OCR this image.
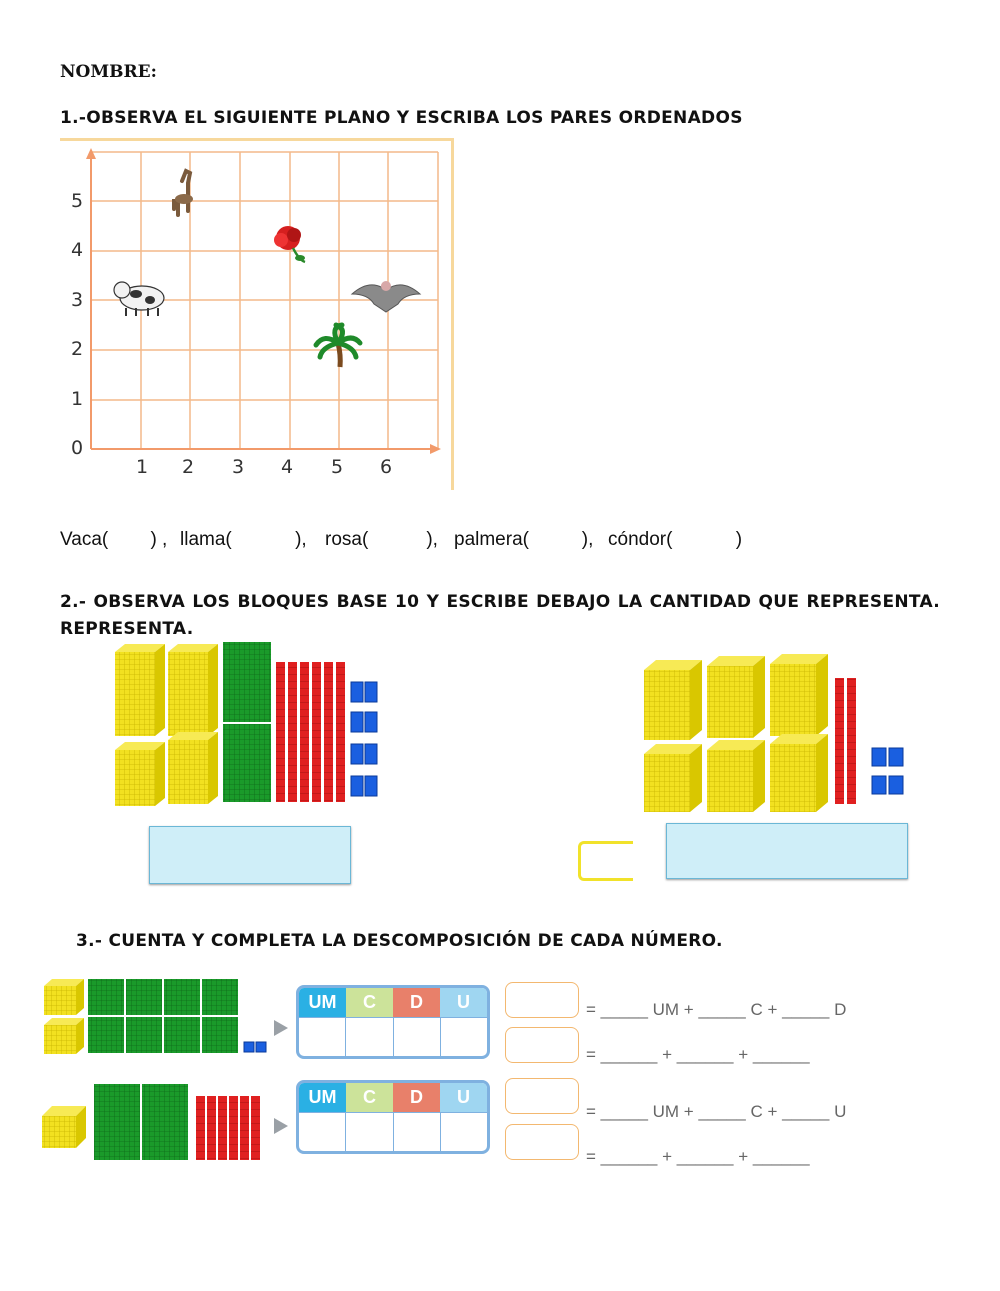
NOMBRE:
1.-OBSERVA EL SIGUIENTE PLANO Y ESCRIBA LOS PARES ORDENADOS
1 2 3 4 5 6
0
1
2
3
4
5
Vaca(        ) , llama(            ), rosa(           ), palmera(          ), cóndor(            )
2.- OBSERVA LOS BLOQUES BASE 10 Y ESCRIBE DEBAJO LA CANTIDAD QUE REPRESENTA.
REPRESENTA.
3.- CUENTA Y COMPLETA LA DESCOMPOSICIÓN DE CADA NÚMERO.
UM	C	D	U	= _____ UM + _____ C + _____ D
= ______ + ______ + ______
UM	C	D	U
= _____ UM + _____ C + _____ U
= ______ + ______ + ______
